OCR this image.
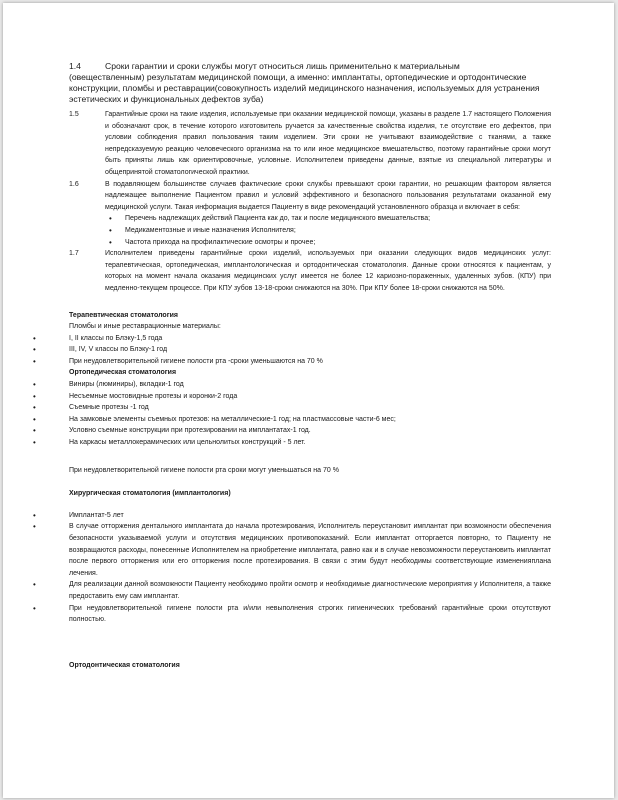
1.4	Сроки гарантии и сроки службы могут относиться лишь применительно к материальным
(овеществленным) результатам медицинской помощи, а именно: имплантаты, ортопедические и ортодонтические конструкции, пломбы и реставрации(совокупность изделий медицинского назначения, используемых для устранения эстетических и функциональных дефектов зуба)
1.5	Гарантийные сроки на такие изделия, используемые при оказании медицинской помощи, указаны в разделе 1.7 настоящего Положения и обозначают срок, в течение которого изготовитель ручается за качественные свойства изделия, т.е отсутствие его дефектов, при условии соблюдения правил пользования таким изделием. Эти сроки не учитывают взаимодействие с тканями, а также непредсказуемую реакцию человеческого организма на то или иное медицинское вмешательство, поэтому гарантийные сроки могут быть приняты лишь как ориентировочные, условные. Исполнителем приведены данные, взятые из специальной литературы и общепринятой стоматологической практики.
1.6	В подавляющем большинстве случаев фактические сроки службы превышают сроки гарантии, но решающим фактором является надлежащее выполнение Пациентом правил и условий эффективного и безопасного пользования результатами оказанной ему медицинской услуги. Такая информация выдается Пациенту в виде рекомендаций установленного образца и включает в себя:
• Перечень надлежащих действий Пациента как до, так и после медицинского вмешательства;
• Медикаментозные и иные назначения Исполнителя;
• Частота прихода на профилактические осмотры и прочее;
1.7	Исполнителем приведены гарантийные сроки изделий, используемых при оказании следующих видов медицинских услуг: терапевтическая, ортопедическая, имплантологическая и ортодонтическая стоматология. Данные сроки относятся к пациентам, у которых на момент начала оказания медицинских услуг имеется не более 12 кариозно-пораженных, удаленных зубов. (КПУ) при медленно-текущем процессе. При КПУ зубов 13-18-сроки снижаются на 30%. При КПУ более 18-сроки снижаются на 50%.
Терапевтическая стоматология
Пломбы и иные реставрационные материалы:
•	I, II классы по Блэку-1,5 года
•	III, IV, V классы по Блэку-1 год
•	При неудовлетворительной гигиене полости рта -сроки уменьшаются на 70 %
Ортопедическая стоматология
•	Виниры (люминиры), вкладки-1 год
•	Несъемные мостовидные протезы и коронки-2 года
•	Съемные протезы -1 год
•	На замковые элементы съемных протезов: на металлические-1 год; на пластмассовые части-6 мес;
•	Условно съемные конструкции при протезировании на имплантатах-1 год.
•	На каркасы металлокерамических или цельнолитых конструкций - 5 лет.
При неудовлетворительной гигиене полости рта сроки могут уменьшаться на 70 %
Хирургическая стоматология (имплантология)
•	Имплантат-5 лет
•	В случае отторжения дентального имплантата до начала протезирования, Исполнитель переустановит имплантат при возможности обеспечения безопасности указываемой услуги и отсутствия медицинских противопоказаний. Если имплантат отторгается повторно, то Пациенту не возвращаются расходы, понесенные Исполнителем на приобретение имплантата, равно как и в случае невозможности переустановить имплантат после первого отторжения или его отторжения после протезирования. В связи с этим будут необходимы соответствующие измененияплана лечения.
•	Для реализации данной возможности Пациенту необходимо пройти осмотр и необходимые диагностические мероприятия у Исполнителя, а также предоставить ему сам имплантат.
•	При неудовлетворительной гигиене полости рта и/или невыполнения строгих гигиенических требований гарантийные сроки отсутствуют полностью.
Ортодонтическая стоматология
